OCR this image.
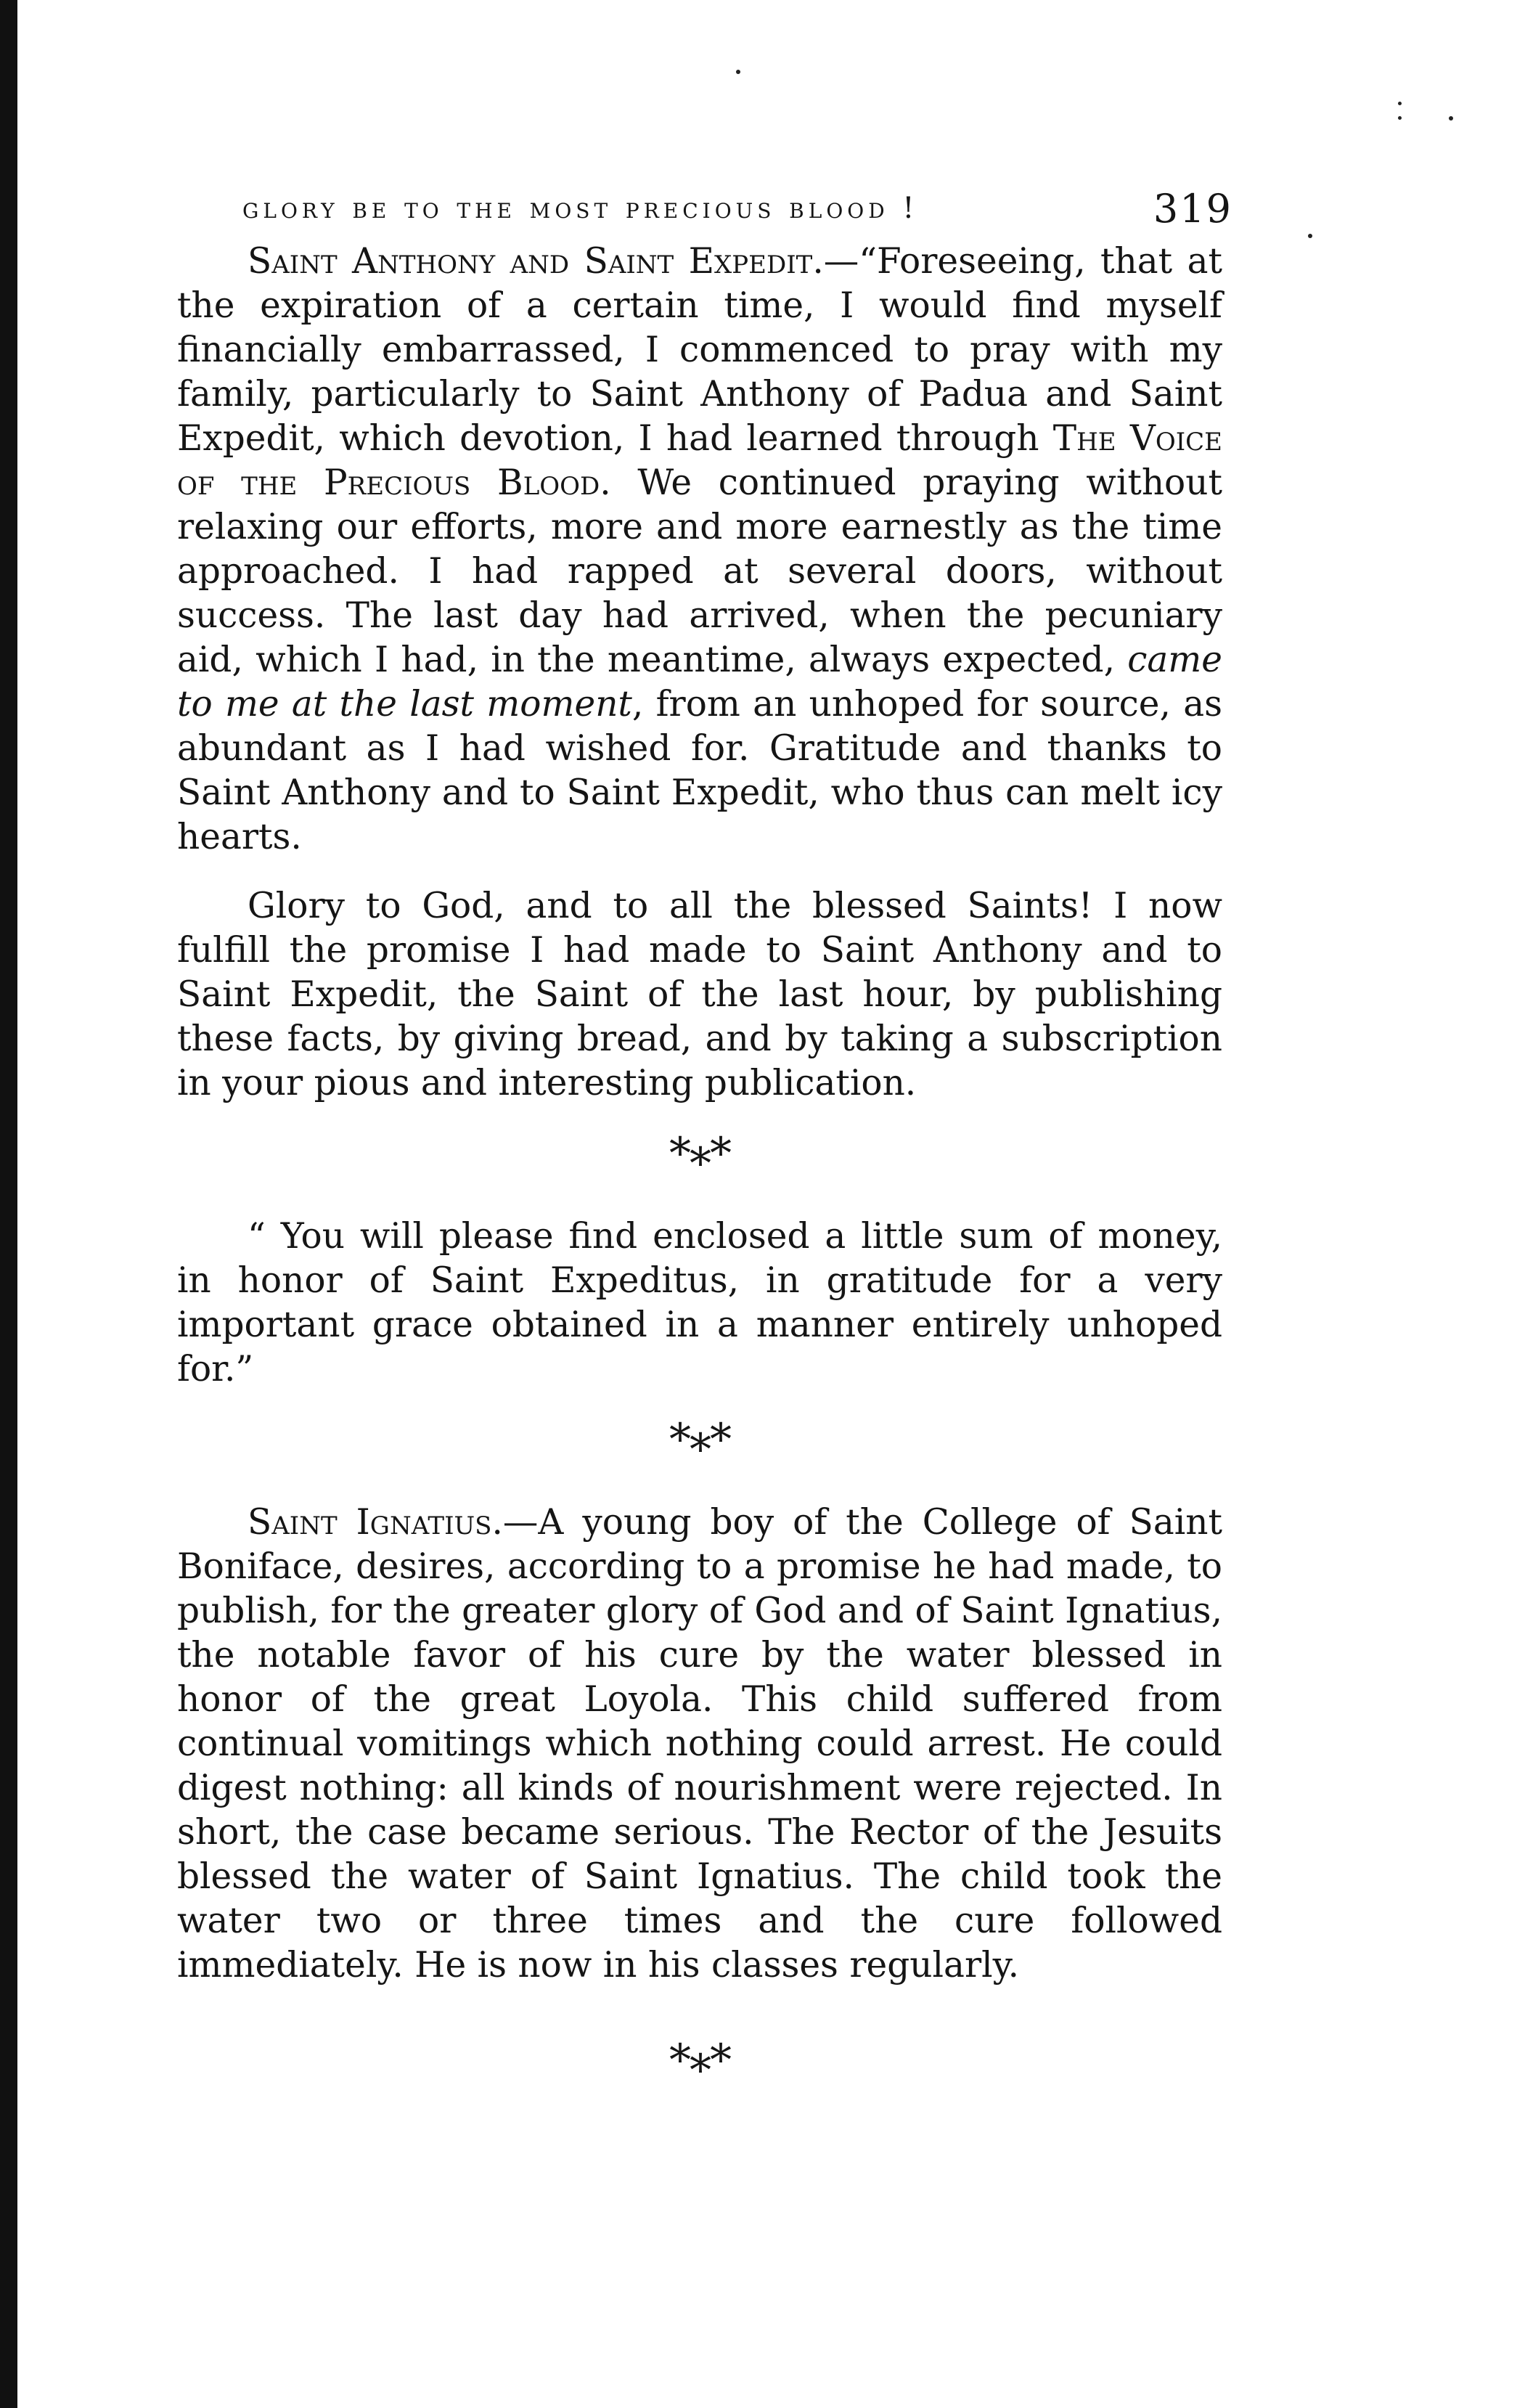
glory be to the most precious blood !	319

Saint Anthony and Saint Expedit.—“Foreseeing, that at the expiration of a certain time, I would find myself financially embarrassed, I commenced to pray with my family, particularly to Saint Anthony of Padua and Saint Expedit, which devotion, I had learned through The Voice of the Precious Blood. We continued praying without relaxing our efforts, more and more earnestly as the time approached. I had rapped at several doors, without success. The last day had arrived, when the pecuniary aid, which I had, in the meantime, always expected, came to me at the last moment, from an unhoped for source, as abundant as I had wished for. Gratitude and thanks to Saint Anthony and to Saint Expedit, who thus can melt icy hearts.

Glory to God, and to all the blessed Saints! I now fulfill the promise I had made to Saint Anthony and to Saint Expedit, the Saint of the last hour, by publishing these facts, by giving bread, and by taking a subscription in your pious and interesting publication.

***

“ You will please find enclosed a little sum of money, in honor of Saint Expeditus, in gratitude for a very important grace obtained in a manner entirely unhoped for.”

***

Saint Ignatius.—A young boy of the College of Saint Boniface, desires, according to a promise he had made, to publish, for the greater glory of God and of Saint Ignatius, the notable favor of his cure by the water blessed in honor of the great Loyola. This child suffered from continual vomitings which nothing could arrest. He could digest nothing: all kinds of nourishment were rejected. In short, the case became serious. The Rector of the Jesuits blessed the water of Saint Ignatius. The child took the water two or three times and the cure followed immediately. He is now in his classes regularly.

***
